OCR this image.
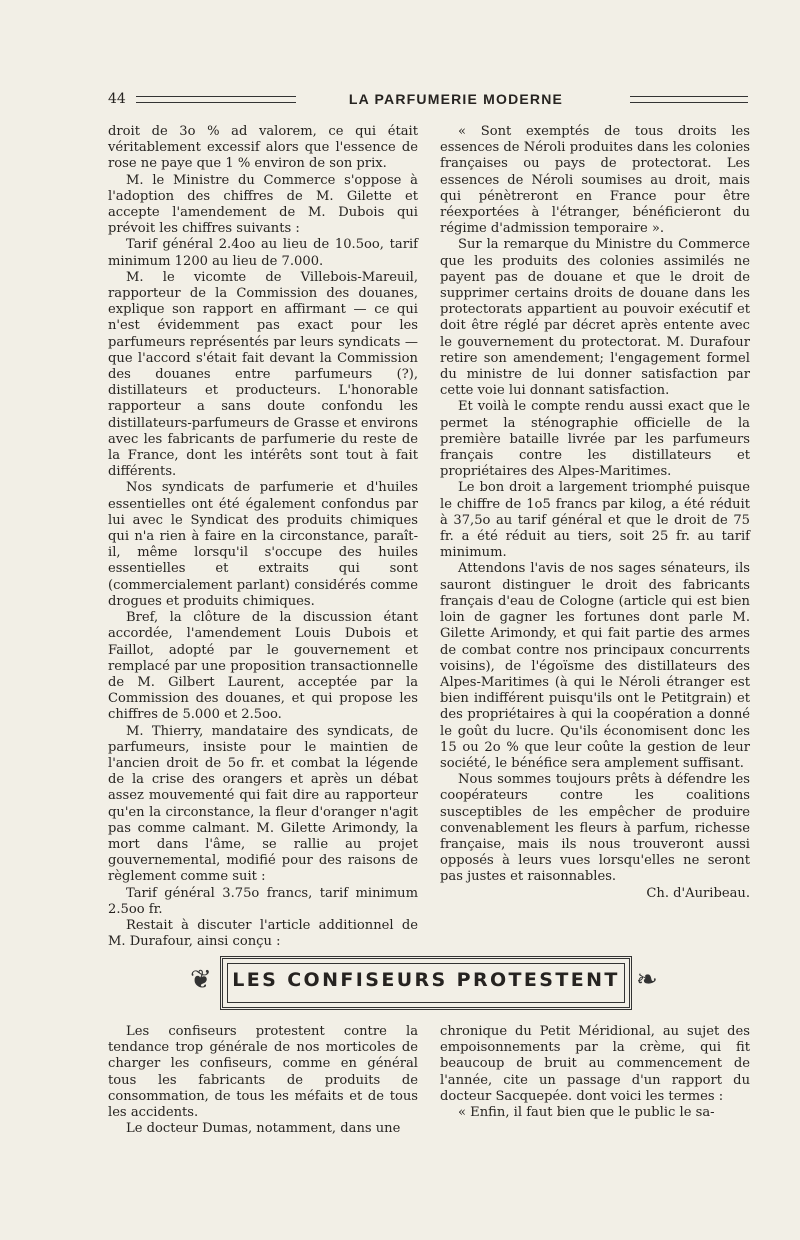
44	LA PARFUMERIE MODERNE

droit de 3o % ad valorem, ce qui était véritablement excessif alors que l'essence de rose ne paye que 1 % environ de son prix.

M. le Ministre du Commerce s'oppose à l'adoption des chiffres de M. Gilette et accepte l'amendement de M. Dubois qui prévoit les chiffres suivants :

Tarif général 2.4oo au lieu de 10.5oo, tarif minimum 1200 au lieu de 7.000.

M. le vicomte de Villebois-Mareuil, rapporteur de la Commission des douanes, explique son rapport en affirmant — ce qui n'est évidemment pas exact pour les parfumeurs représentés par leurs syndicats — que l'accord s'était fait devant la Commission des douanes entre parfumeurs (?), distillateurs et producteurs. L'honorable rapporteur a sans doute confondu les distillateurs-parfumeurs de Grasse et environs avec les fabricants de parfumerie du reste de la France, dont les intérêts sont tout à fait différents.

Nos syndicats de parfumerie et d'huiles essentielles ont été également confondus par lui avec le Syndicat des produits chimiques qui n'a rien à faire en la circonstance, paraît-il, même lorsqu'il s'occupe des huiles essentielles et extraits qui sont (commercialement parlant) considérés comme drogues et produits chimiques.

Bref, la clôture de la discussion étant accordée, l'amendement Louis Dubois et Faillot, adopté par le gouvernement et remplacé par une proposition transactionnelle de M. Gilbert Laurent, acceptée par la Commission des douanes, et qui propose les chiffres de 5.000 et 2.5oo.

M. Thierry, mandataire des syndicats, de parfumeurs, insiste pour le maintien de l'ancien droit de 5o fr. et combat la légende de la crise des orangers et après un débat assez mouvementé qui fait dire au rapporteur qu'en la circonstance, la fleur d'oranger n'agit pas comme calmant. M. Gilette Arimondy, la mort dans l'âme, se rallie au projet gouvernemental, modifié pour des raisons de règlement comme suit :

Tarif général 3.75o francs, tarif minimum 2.5oo fr.

Restait à discuter l'article additionnel de M. Durafour, ainsi conçu :

« Sont exemptés de tous droits les essences de Néroli produites dans les colonies françaises ou pays de protectorat. Les essences de Néroli soumises au droit, mais qui pénètreront en France pour être réexportées à l'étranger, bénéficieront du régime d'admission temporaire ».

Sur la remarque du Ministre du Commerce que les produits des colonies assimilés ne payent pas de douane et que le droit de supprimer certains droits de douane dans les protectorats appartient au pouvoir exécutif et doit être réglé par décret après entente avec le gouvernement du protectorat. M. Durafour retire son amendement; l'engagement formel du ministre de lui donner satisfaction par cette voie lui donnant satisfaction.

Et voilà le compte rendu aussi exact que le permet la sténographie officielle de la première bataille livrée par les parfumeurs français contre les distillateurs et propriétaires des Alpes-Maritimes.

Le bon droit a largement triomphé puisque le chiffre de 1o5 francs par kilog, a été réduit à 37,5o au tarif général et que le droit de 75 fr. a été réduit au tiers, soit 25 fr. au tarif minimum.

Attendons l'avis de nos sages sénateurs, ils sauront distinguer le droit des fabricants français d'eau de Cologne (article qui est bien loin de gagner les fortunes dont parle M. Gilette Arimondy, et qui fait partie des armes de combat contre nos principaux concurrents voisins), de l'égoïsme des distillateurs des Alpes-Maritimes (à qui le Néroli étranger est bien indifférent puisqu'ils ont le Petitgrain) et des propriétaires à qui la coopération a donné le goût du lucre. Qu'ils économisent donc les 15 ou 2o % que leur coûte la gestion de leur société, le bénéfice sera amplement suffisant.

Nous sommes toujours prêts à défendre les coopérateurs contre les coalitions susceptibles de les empêcher de produire convenablement les fleurs à parfum, richesse française, mais ils nous trouveront aussi opposés à leurs vues lorsqu'elles ne seront pas justes et raisonnables.

Ch. d'Auribeau.

❦	LES CONFISEURS PROTESTENT ❧

Les confiseurs protestent contre la tendance trop générale de nos morticoles de charger les confiseurs, comme en général tous les fabricants de produits de consommation, de tous les méfaits et de tous les accidents.

Le docteur Dumas, notamment, dans une

chronique du Petit Méridional, au sujet des empoisonnements par la crème, qui fit beaucoup de bruit au commencement de l'année, cite un passage d'un rapport du docteur Sacquepée. dont voici les termes :

« Enfin, il faut bien que le public le sa-
